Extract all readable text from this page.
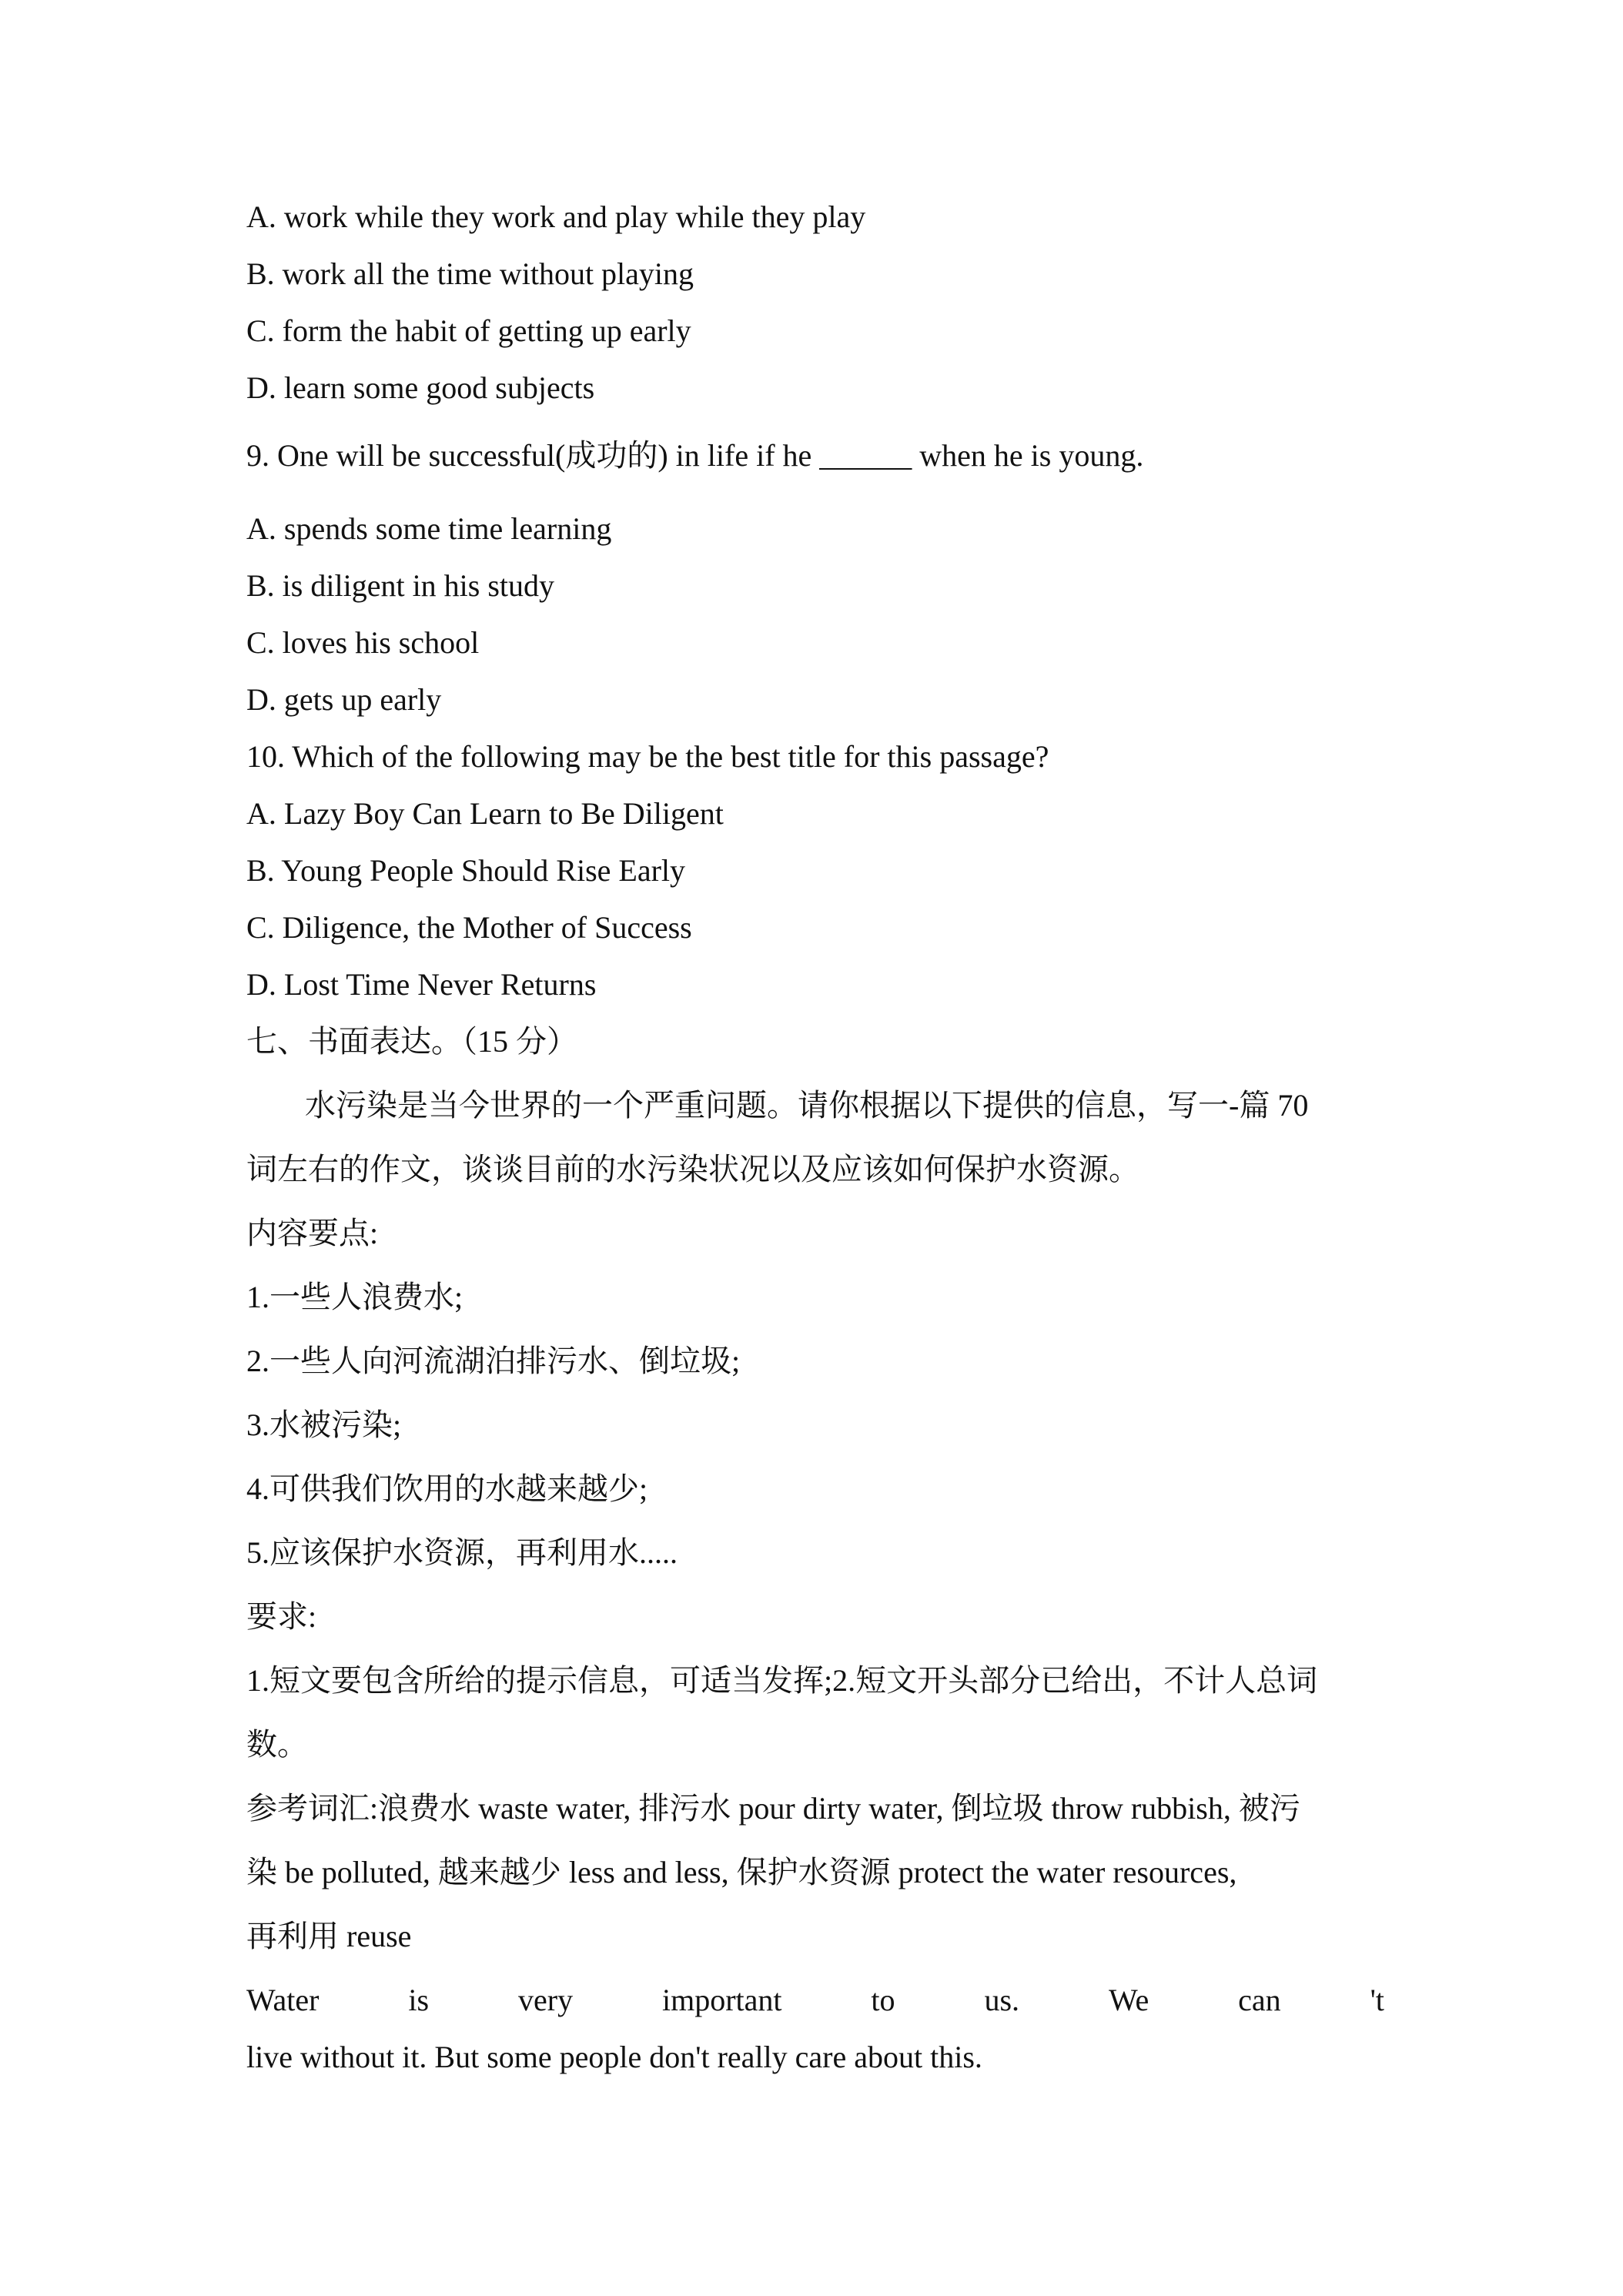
A. work while they work and play while they play
B. work all the time without playing
C. form the habit of getting up early
D. learn some good subjects
9. One will be successful(成功的) in life if he ______ when he is young.
A. spends some time learning
B. is diligent in his study
C. loves his school
D. gets up early
10. Which of the following may be the best title for this passage?
A. Lazy Boy Can Learn to Be Diligent
B. Young People Should Rise Early
C. Diligence, the Mother of Success
D. Lost Time Never Returns
七、书面表达。（15 分）
水污染是当今世界的一个严重问题。请你根据以下提供的信息，写一-篇 70
词左右的作文，谈谈目前的水污染状况以及应该如何保护水资源。
内容要点:
1.一些人浪费水;
2.一些人向河流湖泊排污水、倒垃圾;
3.水被污染;
4.可供我们饮用的水越来越少;
5.应该保护水资源，再利用水.....
要求:
1.短文要包含所给的提示信息，可适当发挥;2.短文开头部分已给出，不计人总词
数。
参考词汇:浪费水 waste water, 排污水 pour dirty water, 倒垃圾 throw rubbish, 被污
染 be polluted, 越来越少 less and less, 保护水资源 protect the water resources,
再利用 reuse
Water	is	very	important	to	us.	We	can	't
live without it. But some people don't really care about this.
